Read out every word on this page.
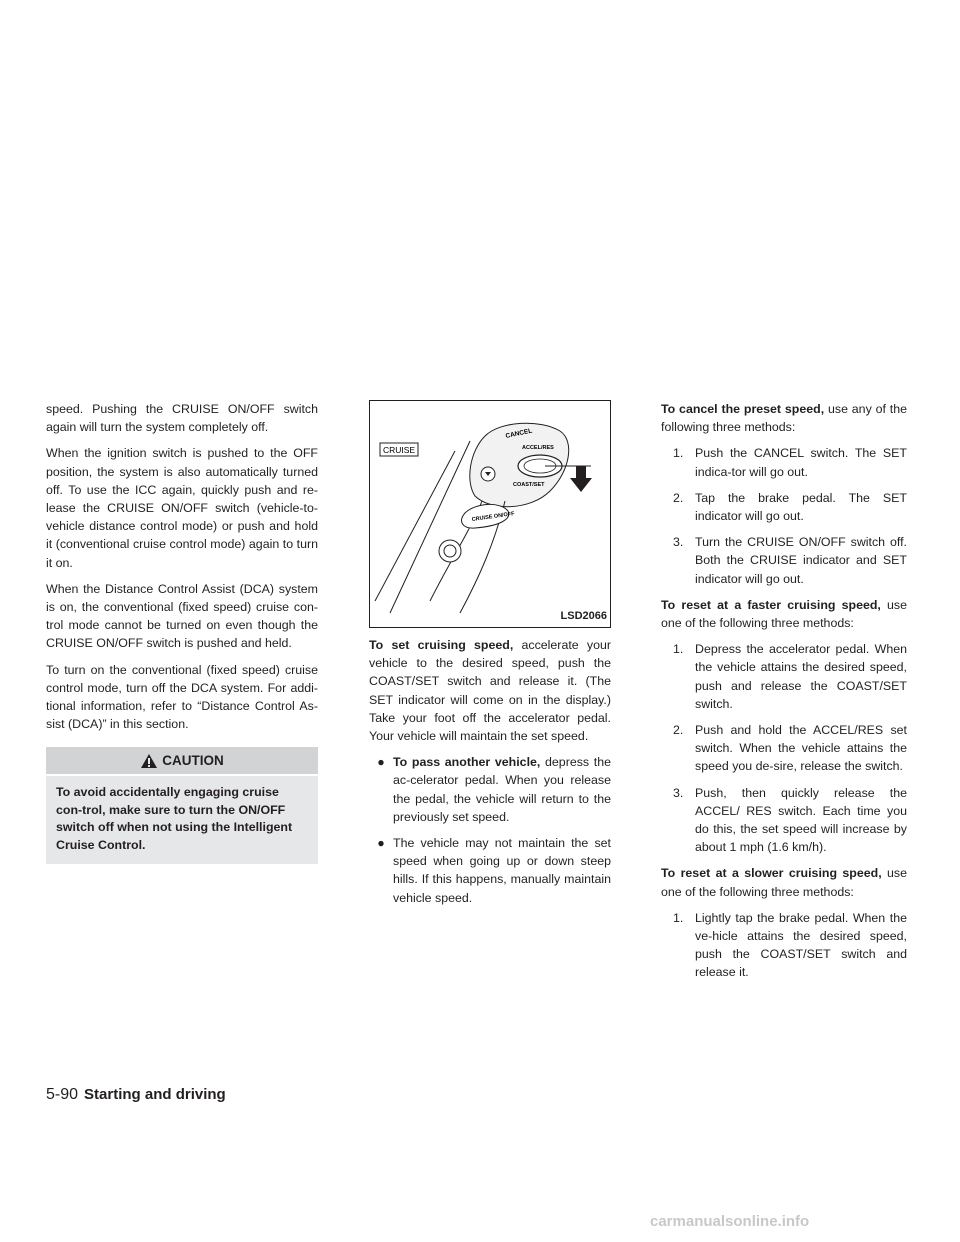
speed. Pushing the CRUISE ON/OFF switch again will turn the system completely off.

When the ignition switch is pushed to the OFF position, the system is also automatically turned off. To use the ICC again, quickly push and re-lease the CRUISE ON/OFF switch (vehicle-to-vehicle distance control mode) or push and hold it (conventional cruise control mode) again to turn it on.

When the Distance Control Assist (DCA) system is on, the conventional (fixed speed) cruise con-trol mode cannot be turned on even though the CRUISE ON/OFF switch is pushed and held.

To turn on the conventional (fixed speed) cruise control mode, turn off the DCA system. For addi-tional information, refer to “Distance Control As-sist (DCA)” in this section.

CAUTION
To avoid accidentally engaging cruise con-trol, make sure to turn the ON/OFF switch off when not using the Intelligent Cruise Control.
CRUISE
CANCEL
ACCEL/RES
COAST/SET
CRUISE ON/OFF
LSD2066

To set cruising speed, accelerate your vehicle to the desired speed, push the COAST/SET switch and release it. (The SET indicator will come on in the display.) Take your foot off the accelerator pedal. Your vehicle will maintain the set speed.

● To pass another vehicle, depress the ac-celerator pedal. When you release the pedal, the vehicle will return to the previously set speed.
● The vehicle may not maintain the set speed when going up or down steep hills. If this happens, manually maintain vehicle speed.

To cancel the preset speed, use any of the following three methods:

1. Push the CANCEL switch. The SET indica-tor will go out.
2. Tap the brake pedal. The SET indicator will go out.
3. Turn the CRUISE ON/OFF switch off. Both the CRUISE indicator and SET indicator will go out.

To reset at a faster cruising speed, use one of the following three methods:

1. Depress the accelerator pedal. When the vehicle attains the desired speed, push and release the COAST/SET switch.
2. Push and hold the ACCEL/RES set switch. When the vehicle attains the speed you de-sire, release the switch.
3. Push, then quickly release the ACCEL/ RES switch. Each time you do this, the set speed will increase by about 1 mph (1.6 km/h).

To reset at a slower cruising speed, use one of the following three methods:

1. Lightly tap the brake pedal. When the ve-hicle attains the desired speed, push the COAST/SET switch and release it.
5-90 Starting and driving
carmanualsonline.info
